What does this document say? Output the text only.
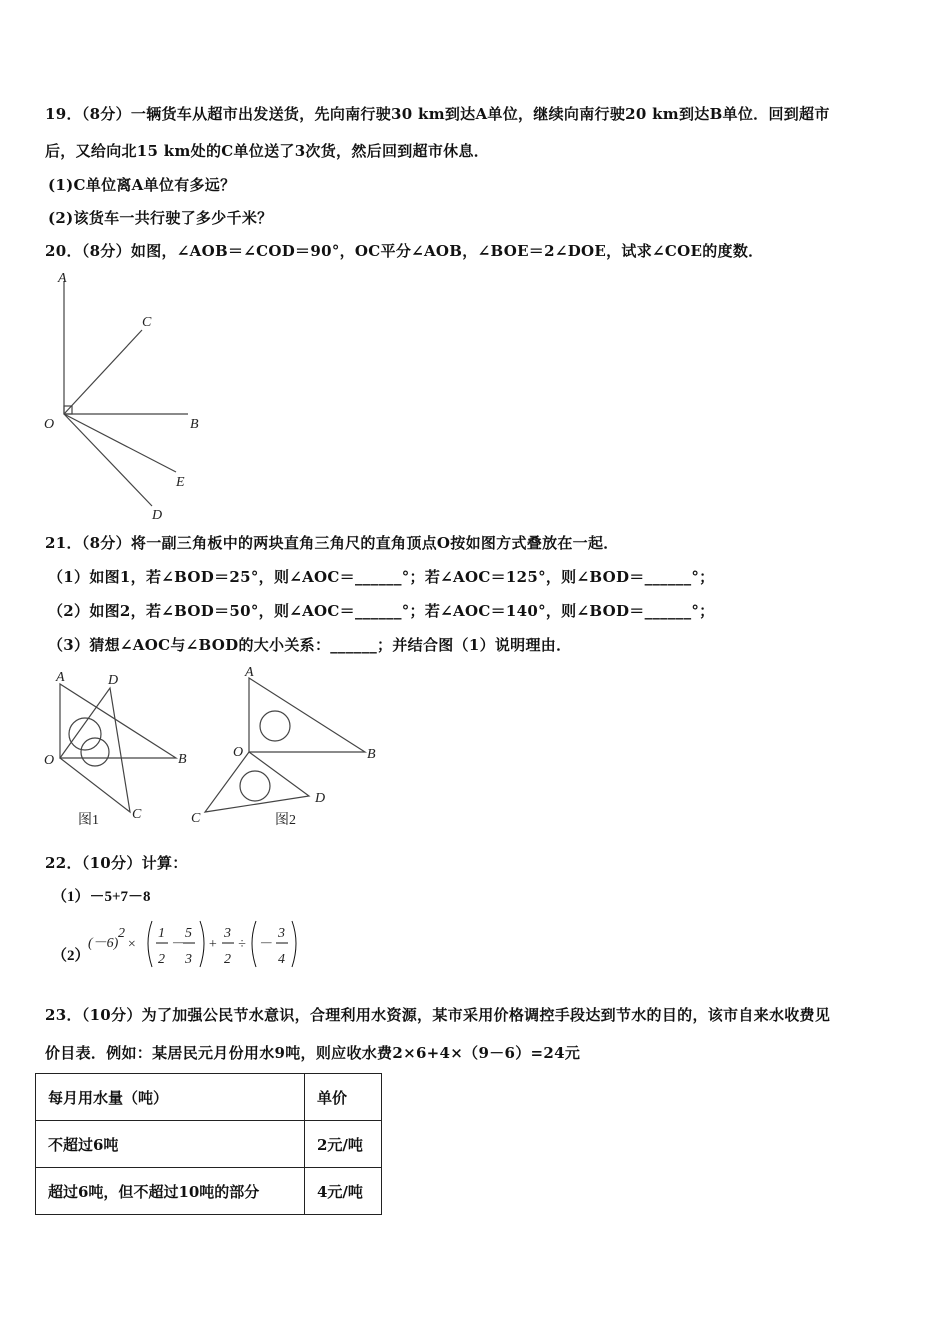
19．（8分）一辆货车从超市出发送货，先向南行驶30 km到达A单位，继续向南行驶20 km到达B单位．回到超市
后，又给向北15 km处的C单位送了3次货，然后回到超市休息．
(1)C单位离A单位有多远？
(2)该货车一共行驶了多少千米？
20．（8分）如图，∠AOB＝∠COD＝90°，OC平分∠AOB，∠BOE＝2∠DOE，试求∠COE的度数．
A
C
O	B
E
D
21．（8分）将一副三角板中的两块直角三角尺的直角顶点O按如图方式叠放在一起．
（1）如图1，若∠BOD＝25°，则∠AOC＝______°；若∠AOC＝125°，则∠BOD＝______°；
（2）如图2，若∠BOD＝50°，则∠AOC＝______°；若∠AOC＝140°，则∠BOD＝______°；
（3）猜想∠AOC与∠BOD的大小关系：______；并结合图（1）说明理由．
A	D
O	B
C
图1
A
O	B
C
D
图2
22．（10分）计算：
（1）－5+7－8
（2）
(－6)
2
×
1
2
－
5
3
+
3
2
÷ －
3
4
23．（10分）为了加强公民节水意识，合理利用水资源，某市采用价格调控手段达到节水的目的，该市自来水收费见
价目表．例如：某居民元月份用水9吨，则应收水费2×6+4×（9－6）=24元
每月用水量（吨）	单价
不超过6吨	2元/吨
超过6吨，但不超过10吨的部分	4元/吨
